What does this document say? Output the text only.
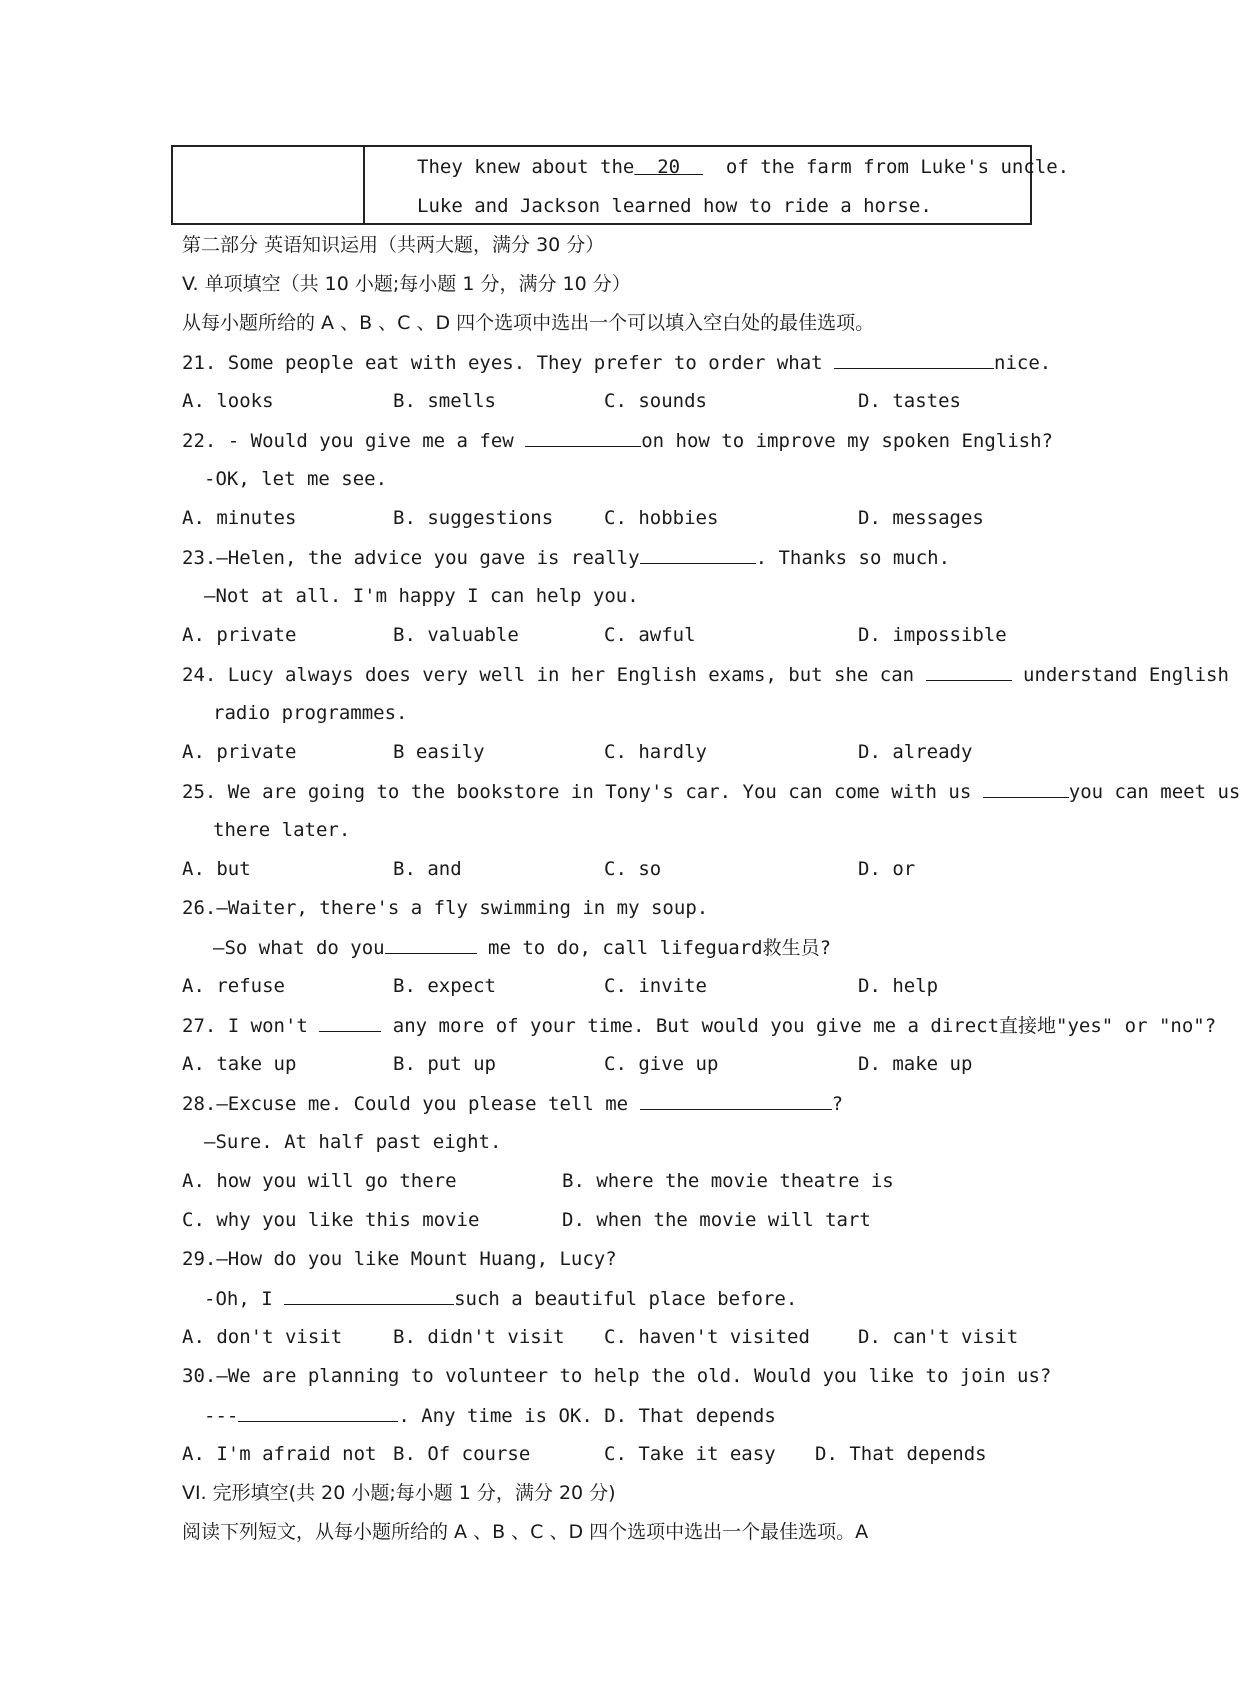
They knew about the 20 of the farm from Luke's uncle.
Luke and Jackson learned how to ride a horse.
第二部分 英语知识运用（共两大题，满分 30 分）
V. 单项填空（共 10 小题;每小题 1 分，满分 10 分）
从每小题所给的 A 、B 、C 、D 四个选项中选出一个可以填入空白处的最佳选项。
21. Some people eat with eyes. They prefer to order what	nice.
A. looks	B. smells	C. sounds	D. tastes
22. - Would you give me a few	on how to improve my spoken English?
-OK, let me see.
A. minutes	B. suggestions	C. hobbies	D. messages
23.—Helen, the advice you gave is really	. Thanks so much.
—Not at all. I'm happy I can help you.
A. private	B. valuable	C. awful	D. impossible
24. Lucy always does very well in her English exams, but she can	understand English
radio programmes.
A. private	B easily	C. hardly	D. already
25. We are going to the bookstore in Tony's car. You can come with us	you can meet us
there later.
A. but	B. and	C. so	D. or
26.—Waiter, there's a fly swimming in my soup.
—So what do you	me to do, call lifeguard救生员?
A. refuse	B. expect	C. invite	D. help
27. I won't	any more of your time. But would you give me a direct直接地"yes" or "no"?
A. take up	B. put up	C. give up	D. make up
28.—Excuse me. Could you please tell me	?
—Sure. At half past eight.
A. how you will go there	B. where the movie theatre is
C. why you like this movie	D. when the movie will tart
29.—How do you like Mount Huang, Lucy?
-Oh, I	such a beautiful place before.
A. don't visit	B. didn't visit C. haven't visited	D. can't visit
30.—We are planning to volunteer to help the old. Would you like to join us?
---	. Any time is OK. D. That depends
A. I'm afraid not B. Of course	C. Take it easy D. That depends
VI. 完形填空(共 20 小题;每小题 1 分，满分 20 分)
阅读下列短文，从每小题所给的 A 、B 、C 、D 四个选项中选出一个最佳选项。A
